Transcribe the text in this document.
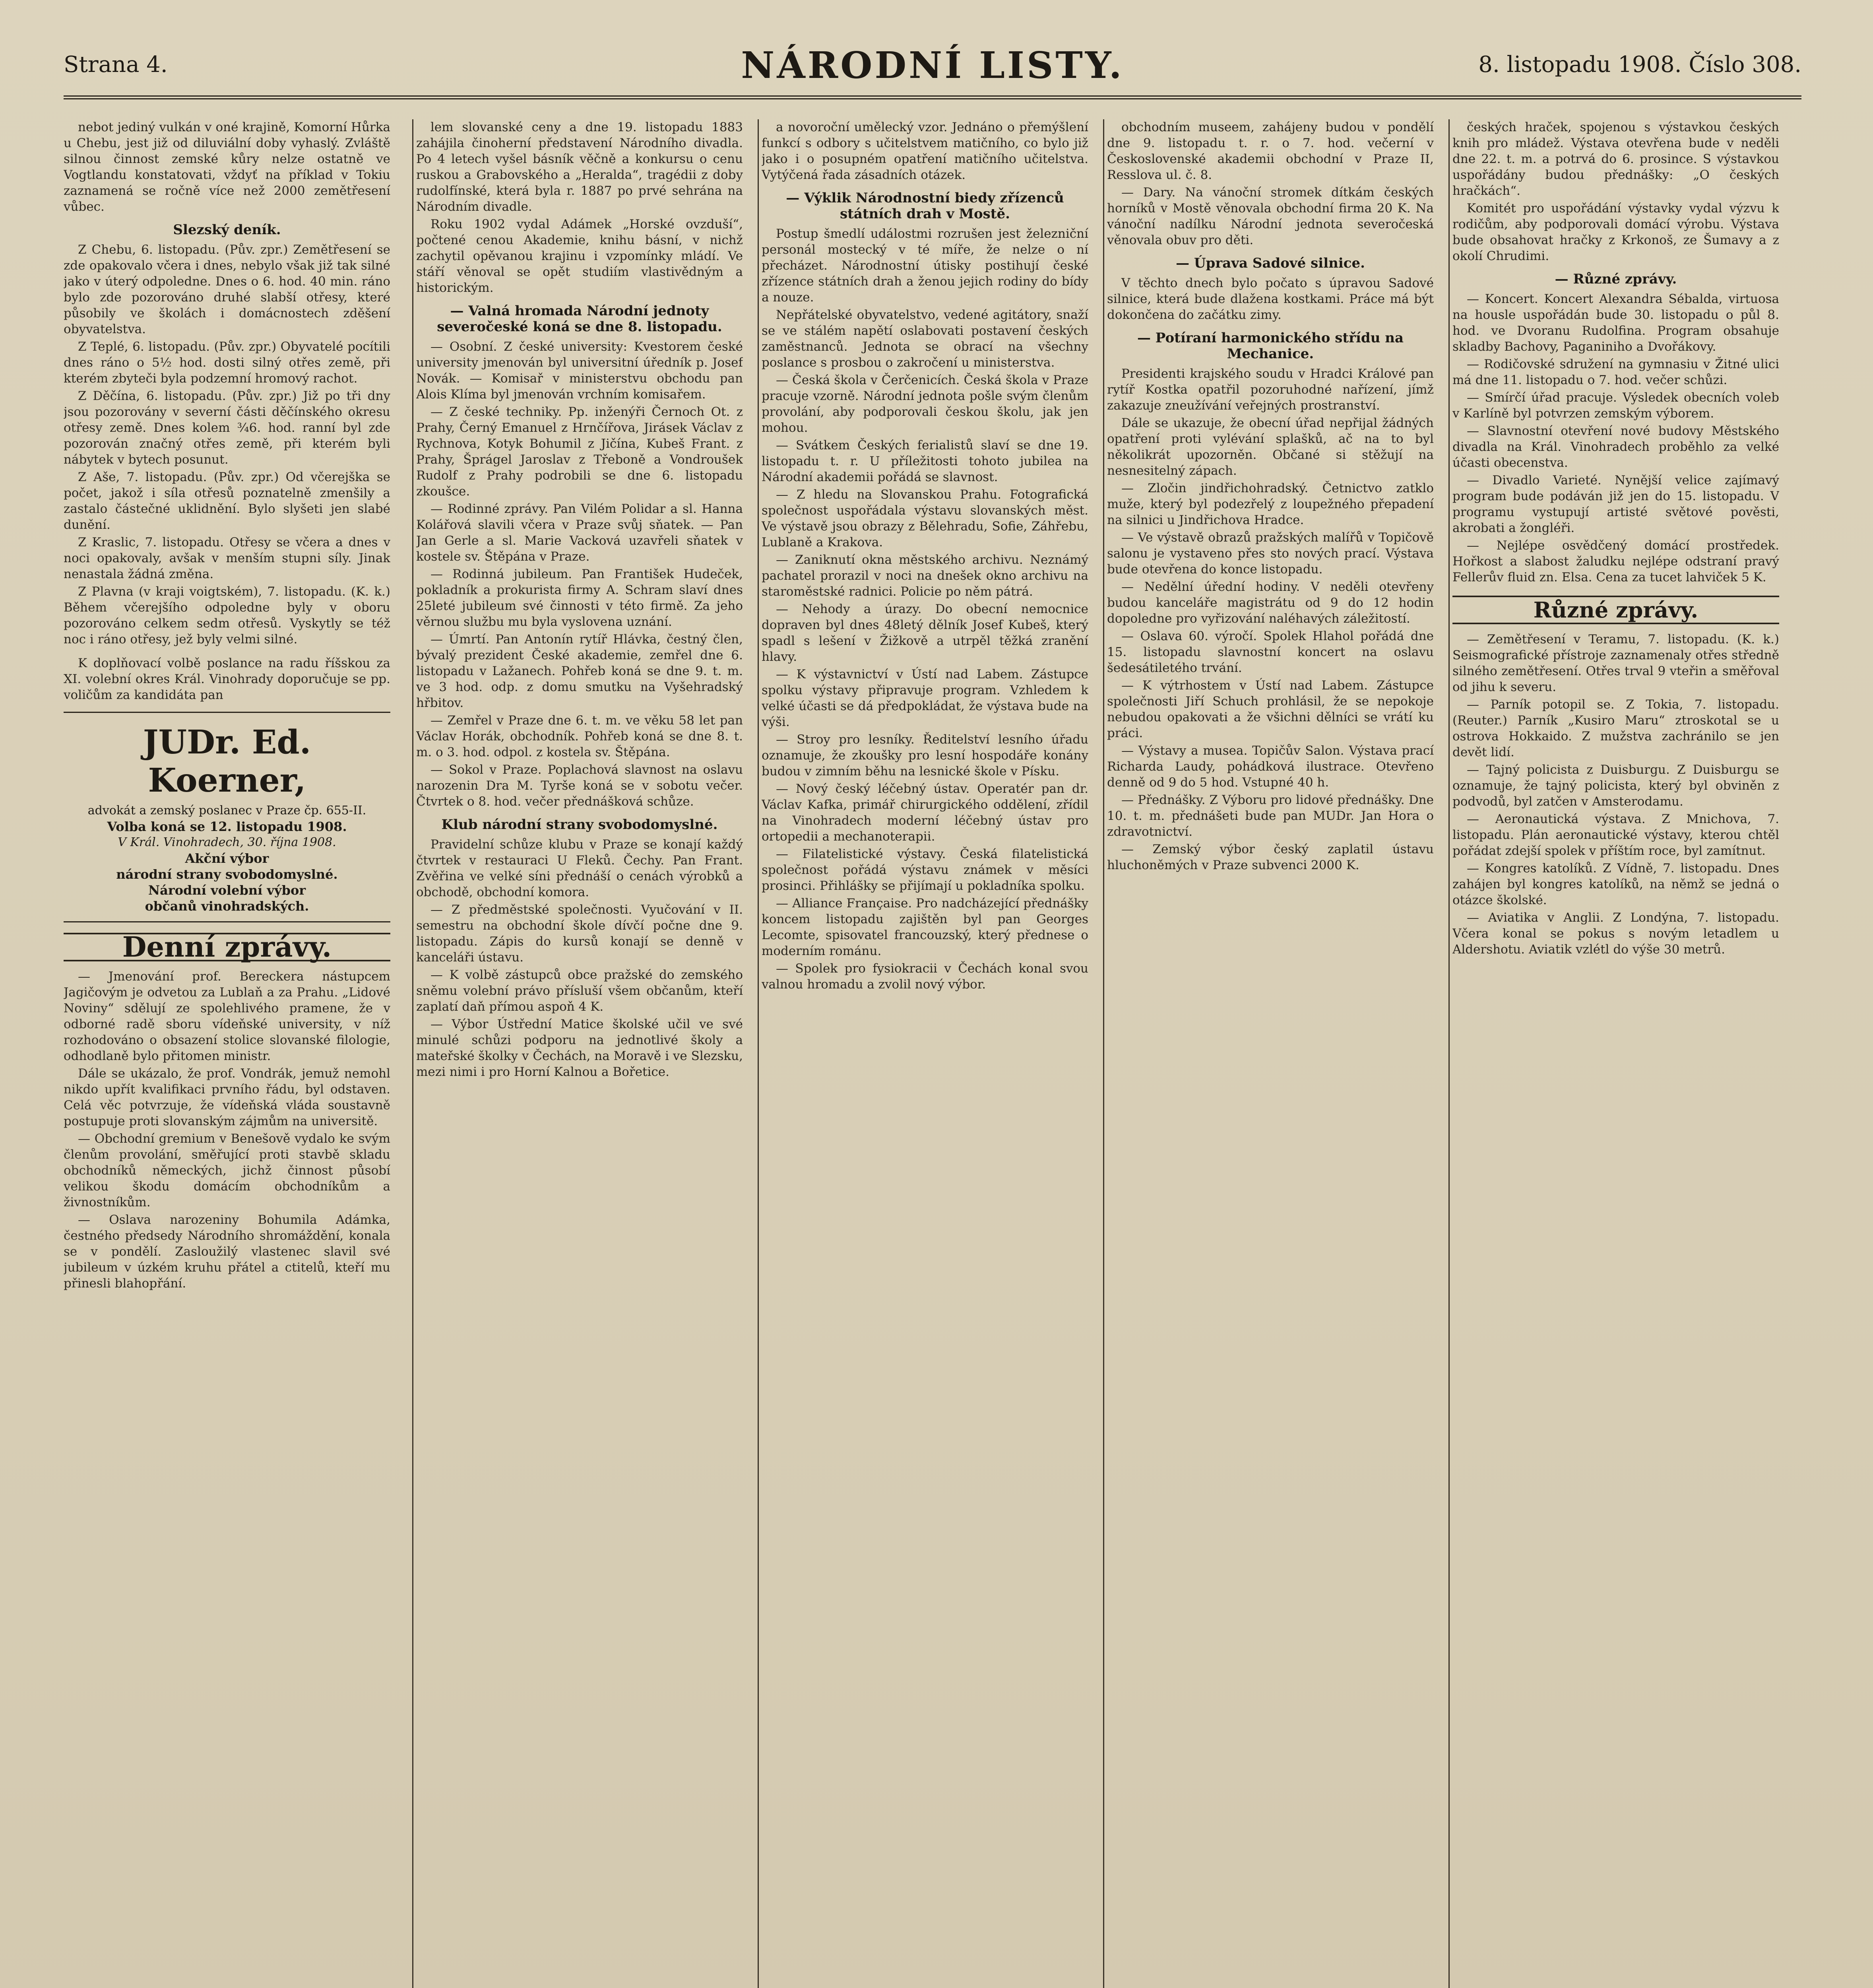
Strana 4.	NÁRODNÍ LISTY.	8. listopadu 1908. Číslo 308.

nebot jediný vulkán v oné krajině, Komorní Hůrka u Chebu, jest již od diluviální doby vyhaslý. Zvláště silnou činnost zemské kůry nelze ostatně ve Vogtlandu konstatovati, vždyť na příklad v Tokiu zaznamená se ročně více než 2000 zemětřesení vůbec.

Slezský deník.

Z Chebu, 6. listopadu. (Pův. zpr.) Zemětřesení se zde opakovalo včera i dnes, nebylo však již tak silné jako v úterý odpoledne. Dnes o 6. hod. 40 min. ráno bylo zde pozorováno druhé slabší otřesy, které působily ve školách i domácnostech zděšení obyvatelstva.

Z Teplé, 6. listopadu. (Pův. zpr.) Obyvatelé pocítili dnes ráno o 5½ hod. dosti silný otřes země, při kterém zbyteči byla podzemní hromový rachot.

Z Děčína, 6. listopadu. (Pův. zpr.) Již po tři dny jsou pozorovány v severní části děčínského okresu otřesy země. Dnes kolem ¾6. hod. ranní byl zde pozorován značný otřes země, při kterém byli nábytek v bytech posunut.

Z Aše, 7. listopadu. (Pův. zpr.) Od včerejška se počet, jakož i síla otřesů poznatelně zmenšily a zastalo částečné uklidnění. Bylo slyšeti jen slabé dunění.

Z Kraslic, 7. listopadu. Otřesy se včera a dnes v noci opakovaly, avšak v menším stupni síly. Jinak nenastala žádná změna.

Z Plavna (v kraji voigtském), 7. listopadu. (K. k.) Během včerejšího odpoledne byly v oboru pozorováno celkem sedm otřesů. Vyskytly se též noc i ráno otřesy, jež byly velmi silné.

K doplňovací volbě poslance na radu říšskou za XI. volební okres Král. Vinohrady doporučuje se pp. voličům za kandidáta pan

JUDr. Ed. Koerner,
advokát a zemský poslanec v Praze čp. 655-II.
Volba koná se 12. listopadu 1908.
V Král. Vinohradech, 30. října 1908.
Akční výbor
národní strany svobodomyslné.
Národní volební výbor
občanů vinohradských.
Denní zprávy.

— Jmenování prof. Bereckera nástupcem Jagičovým je odvetou za Lublaň a za Prahu. „Lidové Noviny“ sdělují ze spolehlivého pramene, že v odborné radě sboru vídeňské university, v níž rozhodováno o obsazení stolice slovanské filologie, odhodlaně bylo přitomen ministr.

Dále se ukázalo, že prof. Vondrák, jemuž nemohl nikdo upřít kvalifikaci prvního řádu, byl odstaven. Celá věc potvrzuje, že vídeňská vláda soustavně postupuje proti slovanským zájmům na universitě.

— Obchodní gremium v Benešově vydalo ke svým členům provolání, směřující proti stavbě skladu obchodníků německých, jichž činnost působí velikou škodu domácím obchodníkům a živnostníkům.

— Oslava narozeniny Bohumila Adámka, čestného předsedy Národního shromáždění, konala se v pondělí. Zasloužilý vlastenec slavil své jubileum v úzkém kruhu přátel a ctitelů, kteří mu přinesli blahopřání.

lem slovanské ceny a dne 19. listopadu 1883 zahájila činoherní představení Národního divadla. Po 4 letech vyšel básník věčně a konkursu o cenu ruskou a Grabovského a „Heralda“, tragédii z doby rudolfínské, která byla r. 1887 po prvé sehrána na Národním divadle.

Roku 1902 vydal Adámek „Horské ovzduší“, počtené cenou Akademie, knihu básní, v nichž zachytil opěvanou krajinu i vzpomínky mládí. Ve stáří věnoval se opět studiím vlastivědným a historickým.

— Valná hromada Národní jednoty severočeské koná se dne 8. listopadu.

— Osobní. Z české university: Kvestorem české university jmenován byl universitní úředník p. Josef Novák. — Komisař v ministerstvu obchodu pan Alois Klíma byl jmenován vrchním komisařem.

— Z české techniky. Pp. inženýři Černoch Ot. z Prahy, Černý Emanuel z Hrnčířova, Jirásek Václav z Rychnova, Kotyk Bohumil z Jičína, Kubeš Frant. z Prahy, Šprágel Jaroslav z Třeboně a Vondroušek Rudolf z Prahy podrobili se dne 6. listopadu zkoušce.

— Rodinné zprávy. Pan Vilém Polidar a sl. Hanna Kolářová slavili včera v Praze svůj sňatek. — Pan Jan Gerle a sl. Marie Vacková uzavřeli sňatek v kostele sv. Štěpána v Praze.

— Rodinná jubileum. Pan František Hudeček, pokladník a prokurista firmy A. Schram slaví dnes 25leté jubileum své činnosti v této firmě. Za jeho věrnou službu mu byla vyslovena uznání.

— Úmrtí. Pan Antonín rytíř Hlávka, čestný člen, bývalý prezident České akademie, zemřel dne 6. listopadu v Lažanech. Pohřeb koná se dne 9. t. m. ve 3 hod. odp. z domu smutku na Vyšehradský hřbitov.

— Zemřel v Praze dne 6. t. m. ve věku 58 let pan Václav Horák, obchodník. Pohřeb koná se dne 8. t. m. o 3. hod. odpol. z kostela sv. Štěpána.

— Sokol v Praze. Poplachová slavnost na oslavu narozenin Dra M. Tyrše koná se v sobotu večer. Čtvrtek o 8. hod. večer přednášková schůze.

Klub národní strany svobodomyslné.

Pravidelní schůze klubu v Praze se konají každý čtvrtek v restauraci U Fleků. Čechy. Pan Frant. Zvěřina ve velké síni přednáší o cenách výrobků a obchodě, obchodní komora.

— Z předměstské společnosti. Vyučování v II. semestru na obchodní škole dívčí počne dne 9. listopadu. Zápis do kursů konají se denně v kanceláři ústavu.

— K volbě zástupců obce pražské do zemského sněmu volební právo přísluší všem občanům, kteří zaplatí daň přímou aspoň 4 K.

— Výbor Ústřední Matice školské učil ve své minulé schůzi podporu na jednotlivé školy a mateřské školky v Čechách, na Moravě i ve Slezsku, mezi nimi i pro Horní Kalnou a Bořetice.

a novoroční umělecký vzor. Jednáno o přemýšlení funkcí s odbory s učitelstvem matičního, co bylo již jako i o posupném opatření matičního učitelstva. Vytýčená řada zásadních otázek.

— Výklik Národnostní biedy zřízenců státních drah v Mostě.

Postup šmedlí událostmi rozrušen jest železniční personál mostecký v té míře, že nelze o ní přecházet. Národnostní útisky postihují české zřízence státních drah a ženou jejich rodiny do bídy a nouze.

Nepřátelské obyvatelstvo, vedené agitátory, snaží se ve stálém napětí oslabovati postavení českých zaměstnanců. Jednota se obrací na všechny poslance s prosbou o zakročení u ministerstva.

— Česká škola v Čerčenicích. Česká škola v Praze pracuje vzorně. Národní jednota pošle svým členům provolání, aby podporovali českou školu, jak jen mohou.

— Svátkem Českých ferialistů slaví se dne 19. listopadu t. r. U příležitosti tohoto jubilea na Národní akademii pořádá se slavnost.

— Z hledu na Slovanskou Prahu. Fotografická společnost uspořádala výstavu slovanských měst. Ve výstavě jsou obrazy z Bělehradu, Sofie, Záhřebu, Lublaně a Krakova.

— Zaniknutí okna městského archivu. Neznámý pachatel prorazil v noci na dnešek okno archivu na staroměstské radnici. Policie po něm pátrá.

— Nehody a úrazy. Do obecní nemocnice dopraven byl dnes 48letý dělník Josef Kubeš, který spadl s lešení v Žižkově a utrpěl těžká zranění hlavy.

— K výstavnictví v Ústí nad Labem. Zástupce spolku výstavy připravuje program. Vzhledem k velké účasti se dá předpokládat, že výstava bude na výši.

— Stroy pro lesníky. Ředitelství lesního úřadu oznamuje, že zkoušky pro lesní hospodáře konány budou v zimním běhu na lesnické škole v Písku.

— Nový český léčebný ústav. Operatér pan dr. Václav Kafka, primář chirurgického oddělení, zřídil na Vinohradech moderní léčebný ústav pro ortopedii a mechanoterapii.

— Filatelistické výstavy. Česká filatelistická společnost pořádá výstavu známek v měsíci prosinci. Přihlášky se přijímají u pokladníka spolku.

— Alliance Française. Pro nadcházející přednášky koncem listopadu zajištěn byl pan Georges Lecomte, spisovatel francouzský, který přednese o moderním románu.

— Spolek pro fysiokracii v Čechách konal svou valnou hromadu a zvolil nový výbor.

obchodním museem, zahájeny budou v pondělí dne 9. listopadu t. r. o 7. hod. večerní v Československé akademii obchodní v Praze II, Resslova ul. č. 8.

— Dary. Na vánoční stromek dítkám českých horníků v Mostě věnovala obchodní firma 20 K. Na vánoční nadílku Národní jednota severočeská věnovala obuv pro děti.

— Úprava Sadové silnice.

V těchto dnech bylo počato s úpravou Sadové silnice, která bude dlažena kostkami. Práce má být dokončena do začátku zimy.

— Potíraní harmonického střídu na Mechanice.

Presidenti krajského soudu v Hradci Králové pan rytíř Kostka opatřil pozoruhodné nařízení, jímž zakazuje zneužívání veřejných prostranství.

Dále se ukazuje, že obecní úřad nepřijal žádných opatření proti vylévání splašků, ač na to byl několikrát upozorněn. Občané si stěžují na nesnesitelný zápach.

— Zločin jindřichohradský. Četnictvo zatklo muže, který byl podezřelý z loupežného přepadení na silnici u Jindřichova Hradce.

— Ve výstavě obrazů pražských malířů v Topičově salonu je vystaveno přes sto nových prací. Výstava bude otevřena do konce listopadu.

— Nedělní úřední hodiny. V neděli otevřeny budou kanceláře magistrátu od 9 do 12 hodin dopoledne pro vyřizování naléhavých záležitostí.

— Oslava 60. výročí. Spolek Hlahol pořádá dne 15. listopadu slavnostní koncert na oslavu šedesátiletého trvání.

— K výtrhostem v Ústí nad Labem. Zástupce společnosti Jiří Schuch prohlásil, že se nepokoje nebudou opakovati a že všichni dělníci se vrátí ku práci.

— Výstavy a musea. Topičův Salon. Výstava prací Richarda Laudy, pohádková ilustrace. Otevřeno denně od 9 do 5 hod. Vstupné 40 h.

— Přednášky. Z Výboru pro lidové přednášky. Dne 10. t. m. přednášeti bude pan MUDr. Jan Hora o zdravotnictví.

— Zemský výbor český zaplatil ústavu hluchoněmých v Praze subvenci 2000 K.

českých hraček, spojenou s výstavkou českých knih pro mládež. Výstava otevřena bude v neděli dne 22. t. m. a potrvá do 6. prosince. S výstavkou uspořádány budou přednášky: „O českých hračkách“.

Komitét pro uspořádání výstavky vydal výzvu k rodičům, aby podporovali domácí výrobu. Výstava bude obsahovat hračky z Krkonoš, ze Šumavy a z okolí Chrudimi.

— Různé zprávy.

— Koncert. Koncert Alexandra Sébalda, virtuosa na housle uspořádán bude 30. listopadu o půl 8. hod. ve Dvoranu Rudolfina. Program obsahuje skladby Bachovy, Paganiniho a Dvořákovy.

— Rodičovské sdružení na gymnasiu v Žitné ulici má dne 11. listopadu o 7. hod. večer schůzi.

— Smírčí úřad pracuje. Výsledek obecních voleb v Karlíně byl potvrzen zemským výborem.

— Slavnostní otevření nové budovy Městského divadla na Král. Vinohradech proběhlo za velké účasti obecenstva.

— Divadlo Varieté. Nynější velice zajímavý program bude podáván již jen do 15. listopadu. V programu vystupují artisté světové pověsti, akrobati a žongléři.

— Nejlépe osvědčený domácí prostředek. Hořkost a slabost žaludku nejlépe odstraní pravý Fellerův fluid zn. Elsa. Cena za tucet lahviček 5 K.

Různé zprávy.

— Zemětřesení v Teramu, 7. listopadu. (K. k.) Seismografické přístroje zaznamenaly otřes středně silného zemětřesení. Otřes trval 9 vteřin a směřoval od jihu k severu.

— Parník potopil se. Z Tokia, 7. listopadu. (Reuter.) Parník „Kusiro Maru“ ztroskotal se u ostrova Hokkaido. Z mužstva zachránilo se jen devět lidí.

— Tajný policista z Duisburgu. Z Duisburgu se oznamuje, že tajný policista, který byl obviněn z podvodů, byl zatčen v Amsterodamu.

— Aeronautická výstava. Z Mnichova, 7. listopadu. Plán aeronautické výstavy, kterou chtěl pořádat zdejší spolek v příštím roce, byl zamítnut.

— Kongres katolíků. Z Vídně, 7. listopadu. Dnes zahájen byl kongres katolíků, na němž se jedná o otázce školské.

— Aviatika v Anglii. Z Londýna, 7. listopadu. Včera konal se pokus s novým letadlem u Aldershotu. Aviatik vzlétl do výše 30 metrů.
